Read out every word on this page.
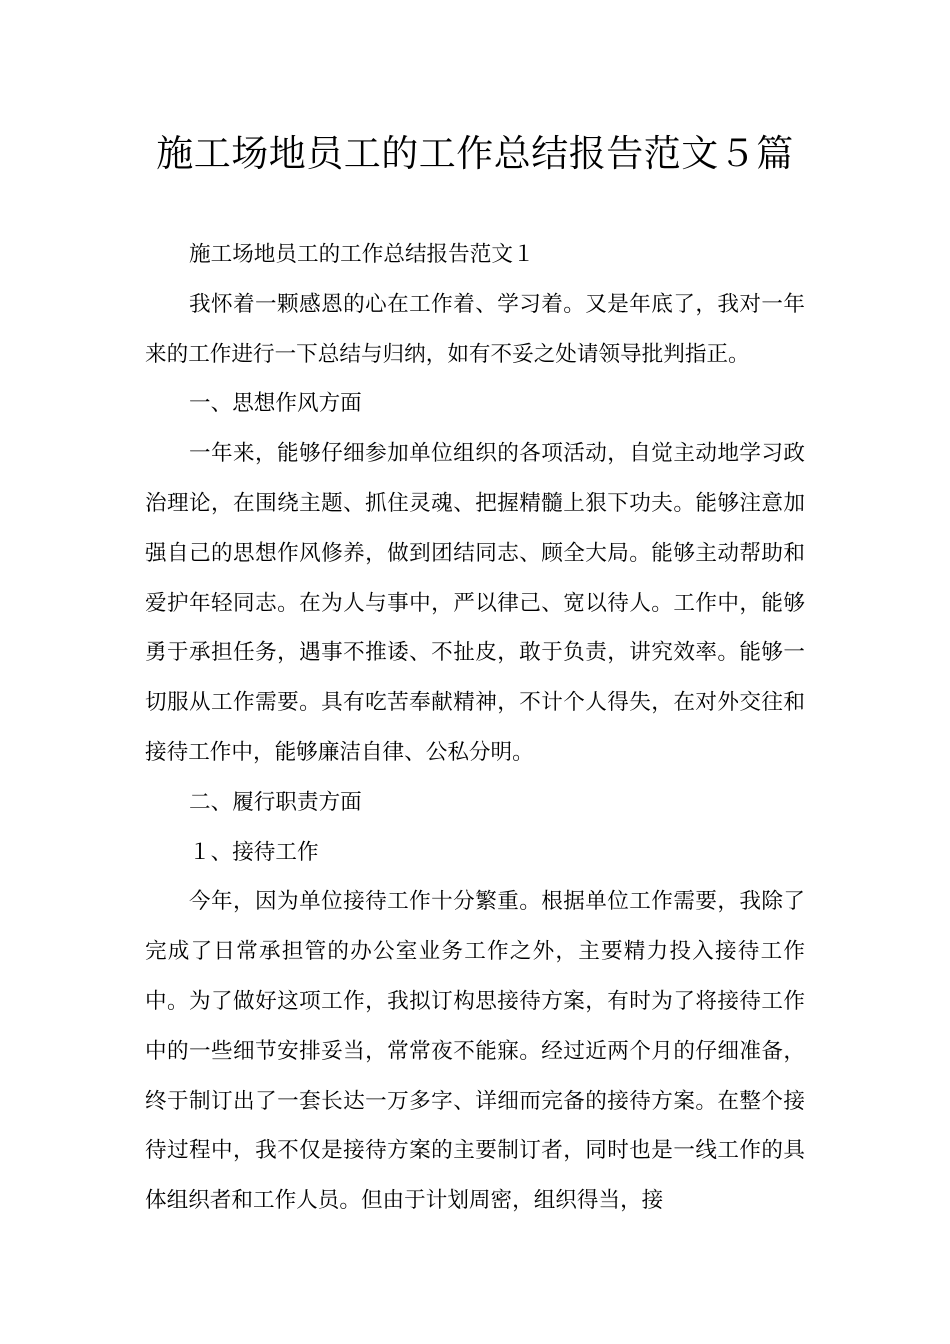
施工场地员工的工作总结报告范文５篇

施工场地员工的工作总结报告范文１

我怀着一颗感恩的心在工作着、学习着。又是年底了，我对一年来的工作进行一下总结与归纳，如有不妥之处请领导批判指正。

一、思想作风方面

一年来，能够仔细参加单位组织的各项活动，自觉主动地学习政治理论，在围绕主题、抓住灵魂、把握精髓上狠下功夫。能够注意加强自己的思想作风修养，做到团结同志、顾全大局。能够主动帮助和爱护年轻同志。在为人与事中，严以律己、宽以待人。工作中，能够勇于承担任务，遇事不推诿、不扯皮，敢于负责，讲究效率。能够一切服从工作需要。具有吃苦奉献精神，不计个人得失，在对外交往和接待工作中，能够廉洁自律、公私分明。

二、履行职责方面

１、接待工作

今年，因为单位接待工作十分繁重。根据单位工作需要，我除了完成了日常承担管的办公室业务工作之外，主要精力投入接待工作中。为了做好这项工作，我拟订构思接待方案，有时为了将接待工作中的一些细节安排妥当，常常夜不能寐。经过近两个月的仔细准备，终于制订出了一套长达一万多字、详细而完备的接待方案。在整个接待过程中，我不仅是接待方案的主要制订者，同时也是一线工作的具体组织者和工作人员。但由于计划周密，组织得当，接
